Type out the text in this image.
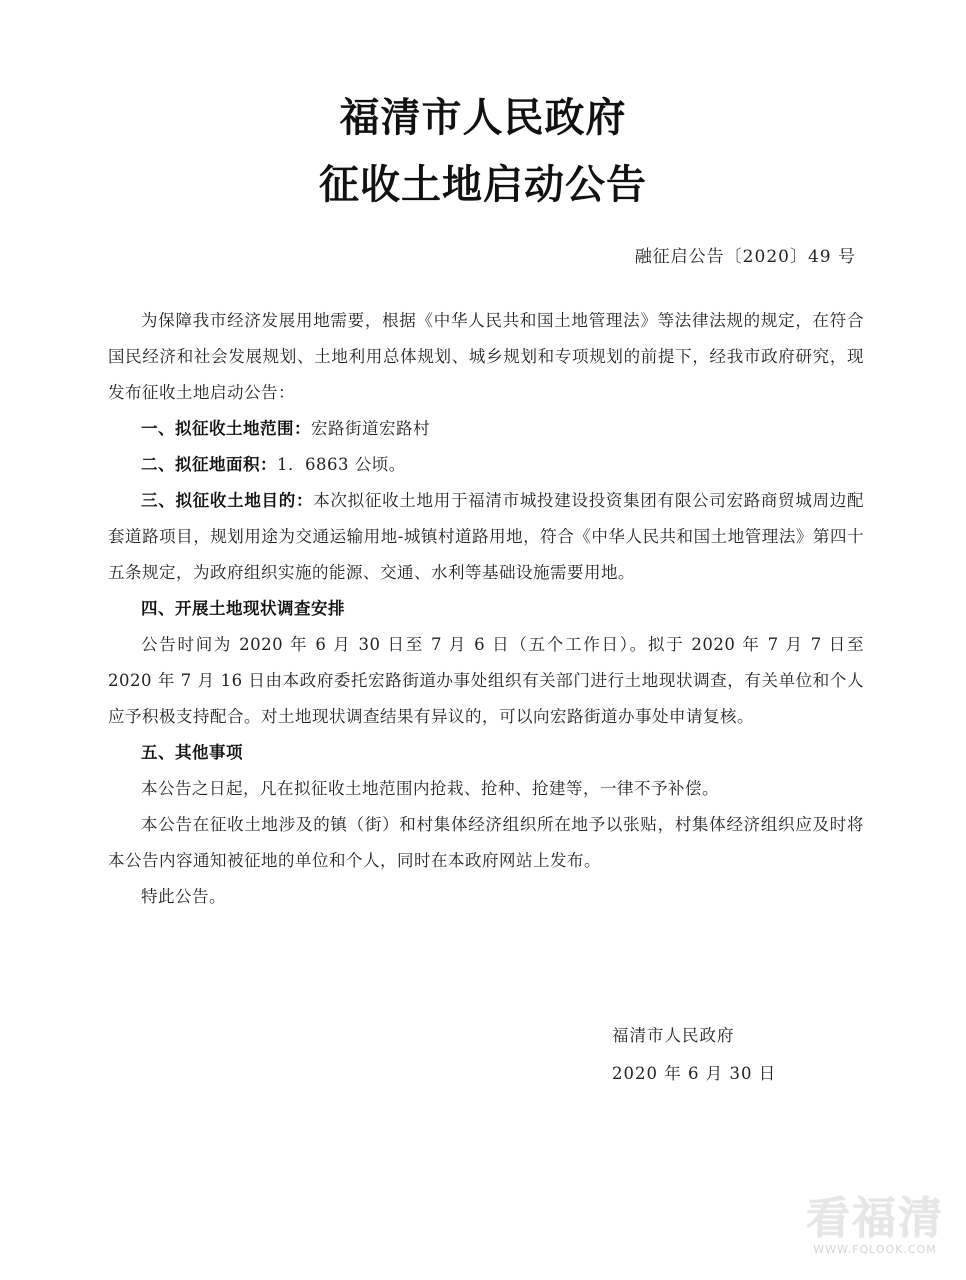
福清市人民政府
征收土地启动公告
融征启公告〔2020〕49 号

为保障我市经济发展用地需要，根据《中华人民共和国土地管理法》等法律法规的规定，在符合国民经济和社会发展规划、土地利用总体规划、城乡规划和专项规划的前提下，经我市政府研究，现发布征收土地启动公告：

一、拟征收土地范围：宏路街道宏路村

二、拟征地面积：1．6863 公顷。

三、拟征收土地目的：本次拟征收土地用于福清市城投建设投资集团有限公司宏路商贸城周边配套道路项目，规划用途为交通运输用地-城镇村道路用地，符合《中华人民共和国土地管理法》第四十五条规定，为政府组织实施的能源、交通、水利等基础设施需要用地。

四、开展土地现状调查安排

公告时间为 2020 年 6 月 30 日至 7 月 6 日（五个工作日）。拟于 2020 年 7 月 7 日至 2020 年 7 月 16 日由本政府委托宏路街道办事处组织有关部门进行土地现状调查，有关单位和个人应予积极支持配合。对土地现状调查结果有异议的，可以向宏路街道办事处申请复核。

五、其他事项

本公告之日起，凡在拟征收土地范围内抢栽、抢种、抢建等，一律不予补偿。

本公告在征收土地涉及的镇（街）和村集体经济组织所在地予以张贴，村集体经济组织应及时将本公告内容通知被征地的单位和个人，同时在本政府网站上发布。

特此公告。

福清市人民政府
2020 年 6 月 30 日
看福清
WWW.FQLOOK.COM
